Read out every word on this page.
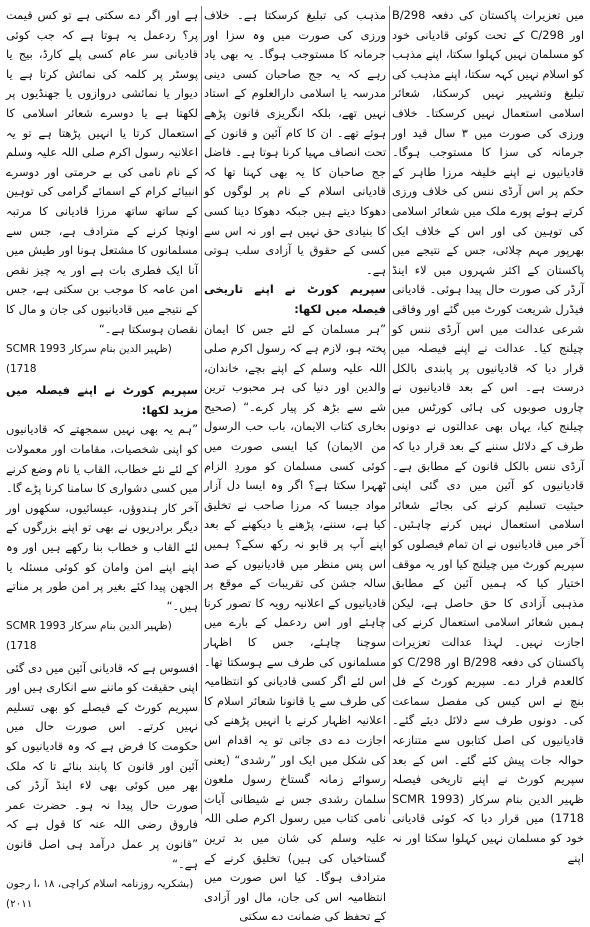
میں تعزیرات پاکستان کی دفعہ 298/B اور 298/C کے تحت کوئی قادیانی خود کو مسلمان نہیں کہلوا سکتا، اپنے مذہب کو اسلام نہیں کہہ سکتا، اپنے مذہب کی تبلیغ وتشہیر نہیں کرسکتا، شعائر اسلامی استعمال نہیں کرسکتا۔ خلاف ورزی کی صورت میں ۳ سال قید اور جرمانہ کی سزا کا مستوجب ہوگا۔ قادیانیوں نے اپنے خلیفہ مرزا طاہر کے حکم پر اس آرڈی ننس کی خلاف ورزی کرتے ہوئے پورے ملک میں شعائر اسلامی کی توہین کی اور اس کے خلاف ایک بھرپور مہم چلائی، جس کے نتیجے میں پاکستان کے اکثر شہروں میں لاء اینڈ آرڈر کی صورت حال پیدا ہوئی۔ قادیانی فیڈرل شریعت کورٹ میں گئے اور وفاقی شرعی عدالت میں اس آرڈی ننس کو چیلنج کیا۔ عدالت نے اپنے فیصلہ میں قرار دیا کہ قادیانیوں پر پابندی بالکل درست ہے۔ اس کے بعد قادیانیوں نے چاروں صوبوں کی ہائی کورٹس میں چیلنج کیا، یہاں بھی عدالتوں نے دونوں طرف کے دلائل سننے کے بعد قرار دیا کہ آرڈی ننس بالکل قانون کے مطابق ہے۔ قادیانیوں کو آئین میں دی گئی اپنی حیثیت تسلیم کرنے کی بجائے شعائر اسلامی استعمال نہیں کرنے چاہئیں۔ آخر میں قادیانیوں نے ان تمام فیصلوں کو سپریم کورٹ میں چیلنج کیا اور یہ موقف اختیار کیا کہ ہمیں آئین کے مطابق مذہبی آزادی کا حق حاصل ہے، لیکن ہمیں شعائر اسلامی استعمال کرنے کی اجازت نہیں۔ لہذا عدالت تعزیرات پاکستان کی دفعہ 298/B اور 298/C کو کالعدم قرار دے۔ سپریم کورٹ کے فل بنچ نے اس کیس کی مفصل سماعت کی۔ دونوں طرف سے دلائل دیئے گئے۔ قادیانیوں کی اصل کتابوں سے متنازعہ حوالہ جات پیش کئے گئے۔ اس کے بعد سپریم کورٹ نے اپنے تاریخی فیصلہ ظہیر الدین بنام سرکار (1993 SCMR 1718) میں قرار دیا کہ کوئی قادیانی خود کو مسلمان نہیں کہلوا سکتا اور نہ اپنے

مذہب کی تبلیغ کرسکتا ہے۔ خلاف ورزی کی صورت میں وہ سزا اور جرمانہ کا مستوجب ہوگا۔ یہ بھی یاد رہے کہ یہ جج صاحبان کسی دینی مدرسہ یا اسلامی دارالعلوم کے استاد نہیں تھے، بلکہ انگریزی قانون پڑھے ہوئے تھے۔ ان کا کام آئین و قانون کے تحت انصاف مہیا کرنا ہوتا ہے۔ فاضل جج صاحبان کا یہ بھی کہنا تھا کہ قادیانی اسلام کے نام پر لوگوں کو دھوکا دیتے ہیں جبکہ دھوکا دینا کسی کا بنیادی حق نہیں ہے اور نہ اس سے کسی کے حقوق یا آزادی سلب ہوتی ہے۔

سپریم کورٹ نے اپنے تاریخی فیصلہ میں لکھا:

”ہر مسلمان کے لئے جس کا ایمان پختہ ہو، لازم ہے کہ رسول اکرم صلی اللہ علیہ وسلم کے اپنے بچے، خاندان، والدین اور دنیا کی ہر محبوب ترین شے سے بڑھ کر پیار کرے۔“ (صحیح بخاری کتاب الایمان، باب حب الرسول من الایمان) کیا ایسی صورت میں کوئی کسی مسلمان کو موردِ الزام ٹھہرا سکتا ہے؟ اگر وہ ایسا دل آزار مواد جیسا کہ مرزا صاحب نے تخلیق کیا ہے، سننے، پڑھنے یا دیکھنے کے بعد اپنے آپ پر قابو نہ رکھ سکے؟ ہمیں اس پس منظر میں قادیانیوں کے صد سالہ جشن کی تقریبات کے موقع پر قادیانیوں کے اعلانیہ رویہ کا تصور کرنا چاہئے اور اس ردعمل کے بارے میں سوچنا چاہئے، جس کا اظہار مسلمانوں کی طرف سے ہوسکتا تھا۔ اس لئے اگر کسی قادیانی کو انتظامیہ کی طرف سے یا قانونا شعائر اسلام کا اعلانیہ اظہار کرنے یا انہیں پڑھنے کی اجازت دے دی جاتی تو یہ اقدام اس کی شکل میں ایک اور ”رشدی“ (یعنی رسوائے زمانہ گستاخ رسول ملعون سلمان رشدی جس نے شیطانی آیات نامی کتاب میں رسول اکرم صلی اللہ علیہ وسلم کی شان میں بد ترین گستاخیاں کی ہیں) تخلیق کرنے کے مترادف ہوگا۔ کیا اس صورت میں انتظامیہ اس کی جان، مال اور آزادی کے تحفظ کی ضمانت دے سکتی

ہے اور اگر دے سکتی ہے تو کس قیمت پر؟ ردعمل یہ ہوتا ہے کہ جب کوئی قادیانی سر عام کسی پلے کارڈ، بیج یا پوسٹر پر کلمہ کی نمائش کرتا ہے یا دیوار یا نمائشی دروازوں یا جھنڈیوں پر لکھتا ہے یا دوسرے شعائر اسلامی کا استعمال کرتا یا انہیں پڑھتا ہے تو یہ اعلانیہ رسول اکرم صلی اللہ علیہ وسلم کے نام نامی کی بے حرمتی اور دوسرے انبیائے کرام کے اسمائے گرامی کی توہین کے ساتھ ساتھ مرزا قادیانی کا مرتبہ اونچا کرنے کے مترادف ہے، جس سے مسلمانوں کا مشتعل ہونا اور طیش میں آنا ایک فطری بات ہے اور یہ چیز نقص امن عامہ کا موجب بن سکتی ہے، جس کے نتیجے میں قادیانیوں کی جان و مال کا نقصان ہوسکتا ہے۔“

(ظہیر الدین بنام سرکار 1993 SCMR 1718)

سپریم کورٹ نے اپنے فیصلہ میں مزید لکھا:

”ہم یہ بھی نہیں سمجھتے کہ قادیانیوں کو اپنی شخصیات، مقامات اور معمولات کے لئے نئے خطاب، القاب یا نام وضع کرنے میں کسی دشواری کا سامنا کرنا پڑے گا۔ آخر کار ہندوؤں، عیسائیوں، سکھوں اور دیگر برادریوں نے بھی تو اپنے بزرگوں کے لئے القاب و خطاب بنا رکھے ہیں اور وہ اپنے اپنے امن وامان کو کوئی مسئلہ یا الجھن پیدا کئے بغیر پر امن طور پر مناتے ہیں۔“

(ظہیر الدین بنام سرکار 1993 SCMR 1718)

افسوس ہے کہ قادیانی آئین میں دی گئی اپنی حقیقت کو ماننے سے انکاری ہیں اور سپریم کورٹ کے فیصلے کو بھی تسلیم نہیں کرتے۔ اس صورت حال میں حکومت کا فرض ہے کہ وہ قادیانیوں کو آئین اور قانون کا پابند بنائے تا کہ ملک بھر میں کوئی بھی لاء اینڈ آرڈر کی صورت حال پیدا نہ ہو۔ حضرت عمر فاروق رضی اللہ عنہ کا قول ہے کہ ”قانون پر عمل درآمد ہی اصل قانون ہے۔“

(بشکریہ روزنامہ اسلام کراچی، ۱۸ ،ا رجون ۲۰۱۱)
